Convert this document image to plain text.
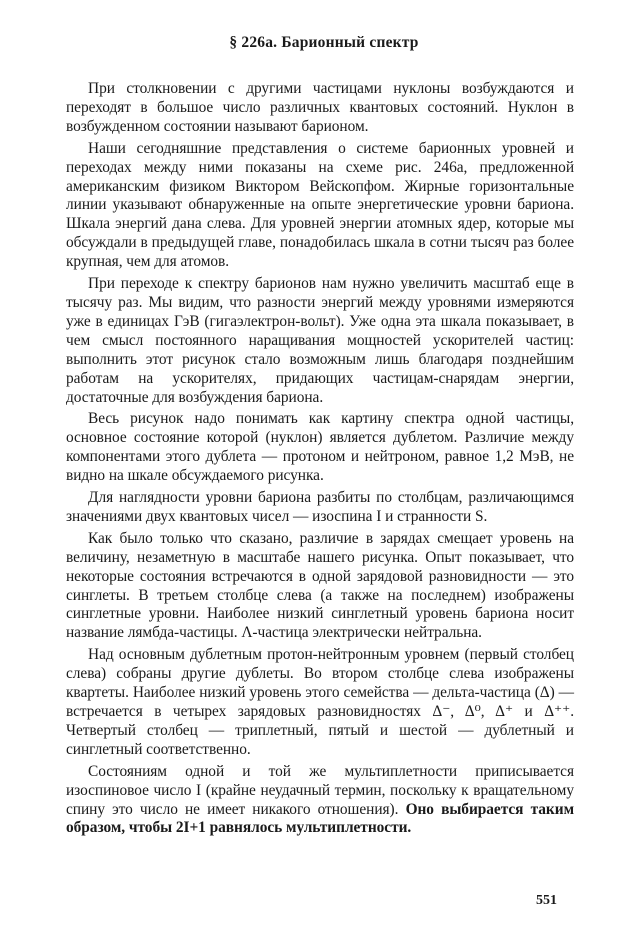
§ 226а. Барионный спектр

При столкновении с другими частицами нуклоны возбуждаются и переходят в большое число различных квантовых состояний. Нуклон в возбужденном состоянии называют барионом.

Наши сегодняшние представления о системе барионных уровней и переходах между ними показаны на схеме рис. 246а, предложенной американским физиком Виктором Вейскопфом. Жирные горизонтальные линии указывают обнаруженные на опыте энергетические уровни бариона. Шкала энергий дана слева. Для уровней энергии атомных ядер, которые мы обсуждали в предыдущей главе, понадобилась шкала в сотни тысяч раз более крупная, чем для атомов.

При переходе к спектру барионов нам нужно увеличить масштаб еще в тысячу раз. Мы видим, что разности энергий между уровнями измеряются уже в единицах ГэВ (гигаэлектрон-вольт). Уже одна эта шкала показывает, в чем смысл постоянного наращивания мощностей ускорителей частиц: выполнить этот рисунок стало возможным лишь благодаря позднейшим работам на ускорителях, придающих частицам-снарядам энергии, достаточные для возбуждения бариона.

Весь рисунок надо понимать как картину спектра одной частицы, основное состояние которой (нуклон) является дублетом. Различие между компонентами этого дублета — протоном и нейтроном, равное 1,2 МэВ, не видно на шкале обсуждаемого рисунка.

Для наглядности уровни бариона разбиты по столбцам, различающимся значениями двух квантовых чисел — изоспина I и странности S.

Как было только что сказано, различие в зарядах смещает уровень на величину, незаметную в масштабе нашего рисунка. Опыт показывает, что некоторые состояния встречаются в одной зарядовой разновидности — это синглеты. В третьем столбце слева (а также на последнем) изображены синглетные уровни. Наиболее низкий синглетный уровень бариона носит название лямбда-частицы. Λ-частица электрически нейтральна.

Над основным дублетным протон-нейтронным уровнем (первый столбец слева) собраны другие дублеты. Во втором столбце слева изображены квартеты. Наиболее низкий уровень этого семейства — дельта-частица (Δ) — встречается в четырех зарядовых разновидностях Δ⁻, Δ⁰, Δ⁺ и Δ⁺⁺. Четвертый столбец — триплетный, пятый и шестой — дублетный и синглетный соответственно.

Состояниям одной и той же мультиплетности приписывается изоспиновое число I (крайне неудачный термин, поскольку к вращательному спину это число не имеет никакого отношения). Оно выбирается таким образом, чтобы 2I+1 равнялось мультиплетности.

551
